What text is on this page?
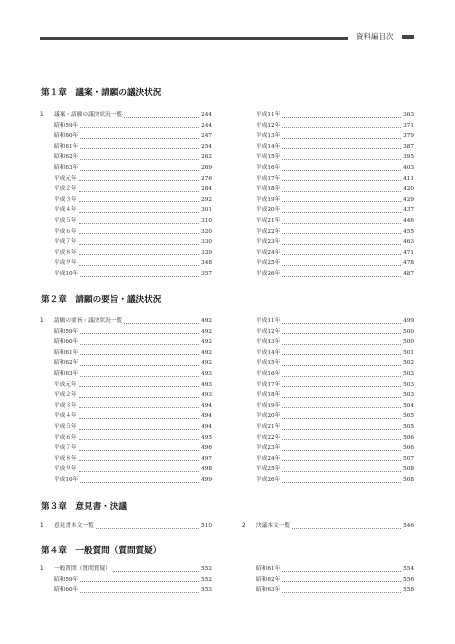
資料編目次
第１章　議案・請願の議決状況
1 議案・請願の議決状況一覧	244
昭和59年	244
昭和60年	247
昭和61年	254
昭和62年	262
昭和63年	269
平成元年	276
平成２年	284
平成３年	292
平成４年	301
平成５年	310
平成６年	320
平成７年	330
平成８年	339
平成９年	348
平成10年	357
平成11年	363
平成12年	371
平成13年	379
平成14年	387
平成15年	395
平成16年	403
平成17年	411
平成18年	420
平成19年	429
平成20年	437
平成21年	446
平成22年	455
平成23年	463
平成24年	471
平成25年	478
平成26年	487
第２章　請願の要旨・議決状況
1 請願の要旨・議決状況一覧	492
昭和59年	492
昭和60年	492
昭和61年	492
昭和62年	492
昭和63年	493
平成元年	493
平成２年	493
平成３年	494
平成４年	494
平成５年	494
平成６年	495
平成７年	496
平成８年	497
平成９年	498
平成10年	499
平成11年	499
平成12年	500
平成13年	500
平成14年	501
平成15年	502
平成16年	503
平成17年	503
平成18年	503
平成19年	504
平成20年	505
平成21年	505
平成22年	506
平成23年	506
平成24年	507
平成25年	508
平成26年	508
第３章　意見書・決議
1 意見書本文一覧	510	2 決議本文一覧	546
第４章　一般質問（質問質疑）
1 一般質問（質問質疑）	552
昭和59年	552
昭和60年	553
昭和61年	554
昭和62年	556
昭和63年	558
